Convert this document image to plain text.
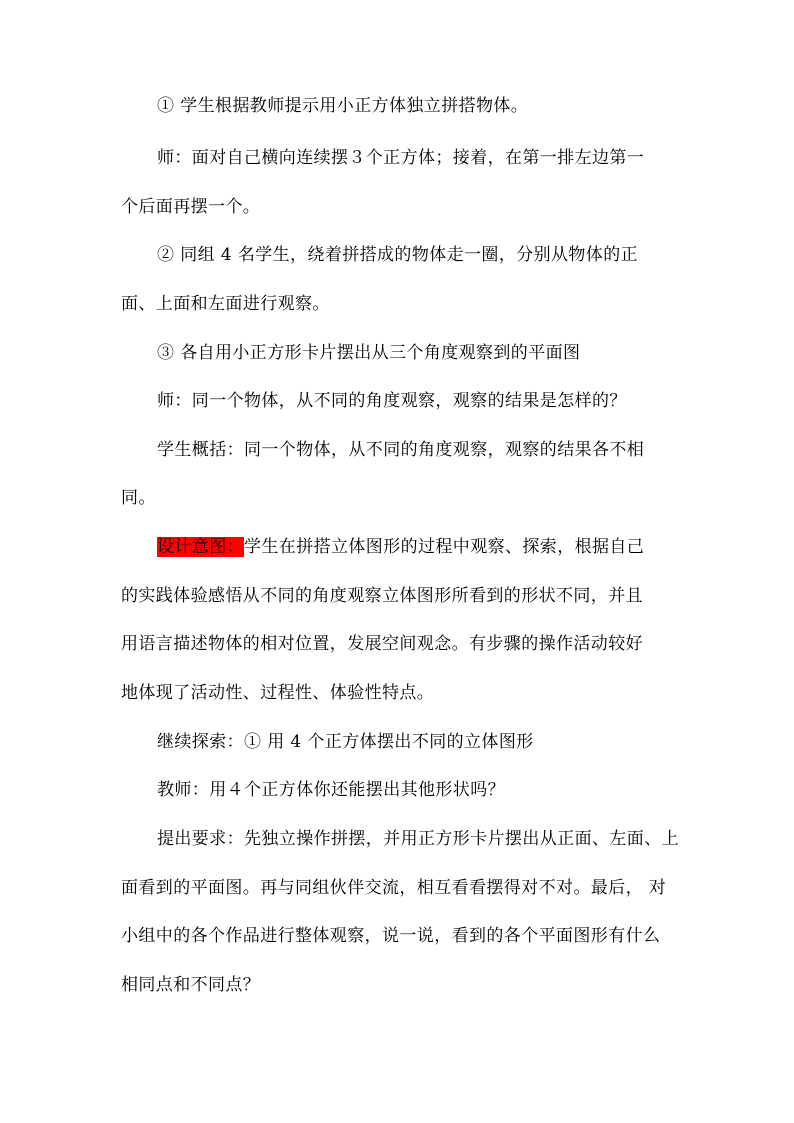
① 学生根据教师提示用小正方体独立拼搭物体。
师：面对自己横向连续摆３个正方体；接着，在第一排左边第一
个后面再摆一个。
② 同组 4 名学生，绕着拼搭成的物体走一圈，分别从物体的正
面、上面和左面进行观察。
③ 各自用小正方形卡片摆出从三个角度观察到的平面图
师：同一个物体，从不同的角度观察，观察的结果是怎样的？
学生概括：同一个物体，从不同的角度观察，观察的结果各不相
同。
设计意图：学生在拼搭立体图形的过程中观察、探索，根据自己
的实践体验感悟从不同的角度观察立体图形所看到的形状不同，并且
用语言描述物体的相对位置，发展空间观念。有步骤的操作活动较好
地体现了活动性、过程性、体验性特点。
继续探索：① 用 4 个正方体摆出不同的立体图形
教师：用４个正方体你还能摆出其他形状吗？
提出要求：先独立操作拼摆，并用正方形卡片摆出从正面、左面、上
面看到的平面图。再与同组伙伴交流，相互看看摆得对不对。最后， 对
小组中的各个作品进行整体观察，说一说，看到的各个平面图形有什么
相同点和不同点？
